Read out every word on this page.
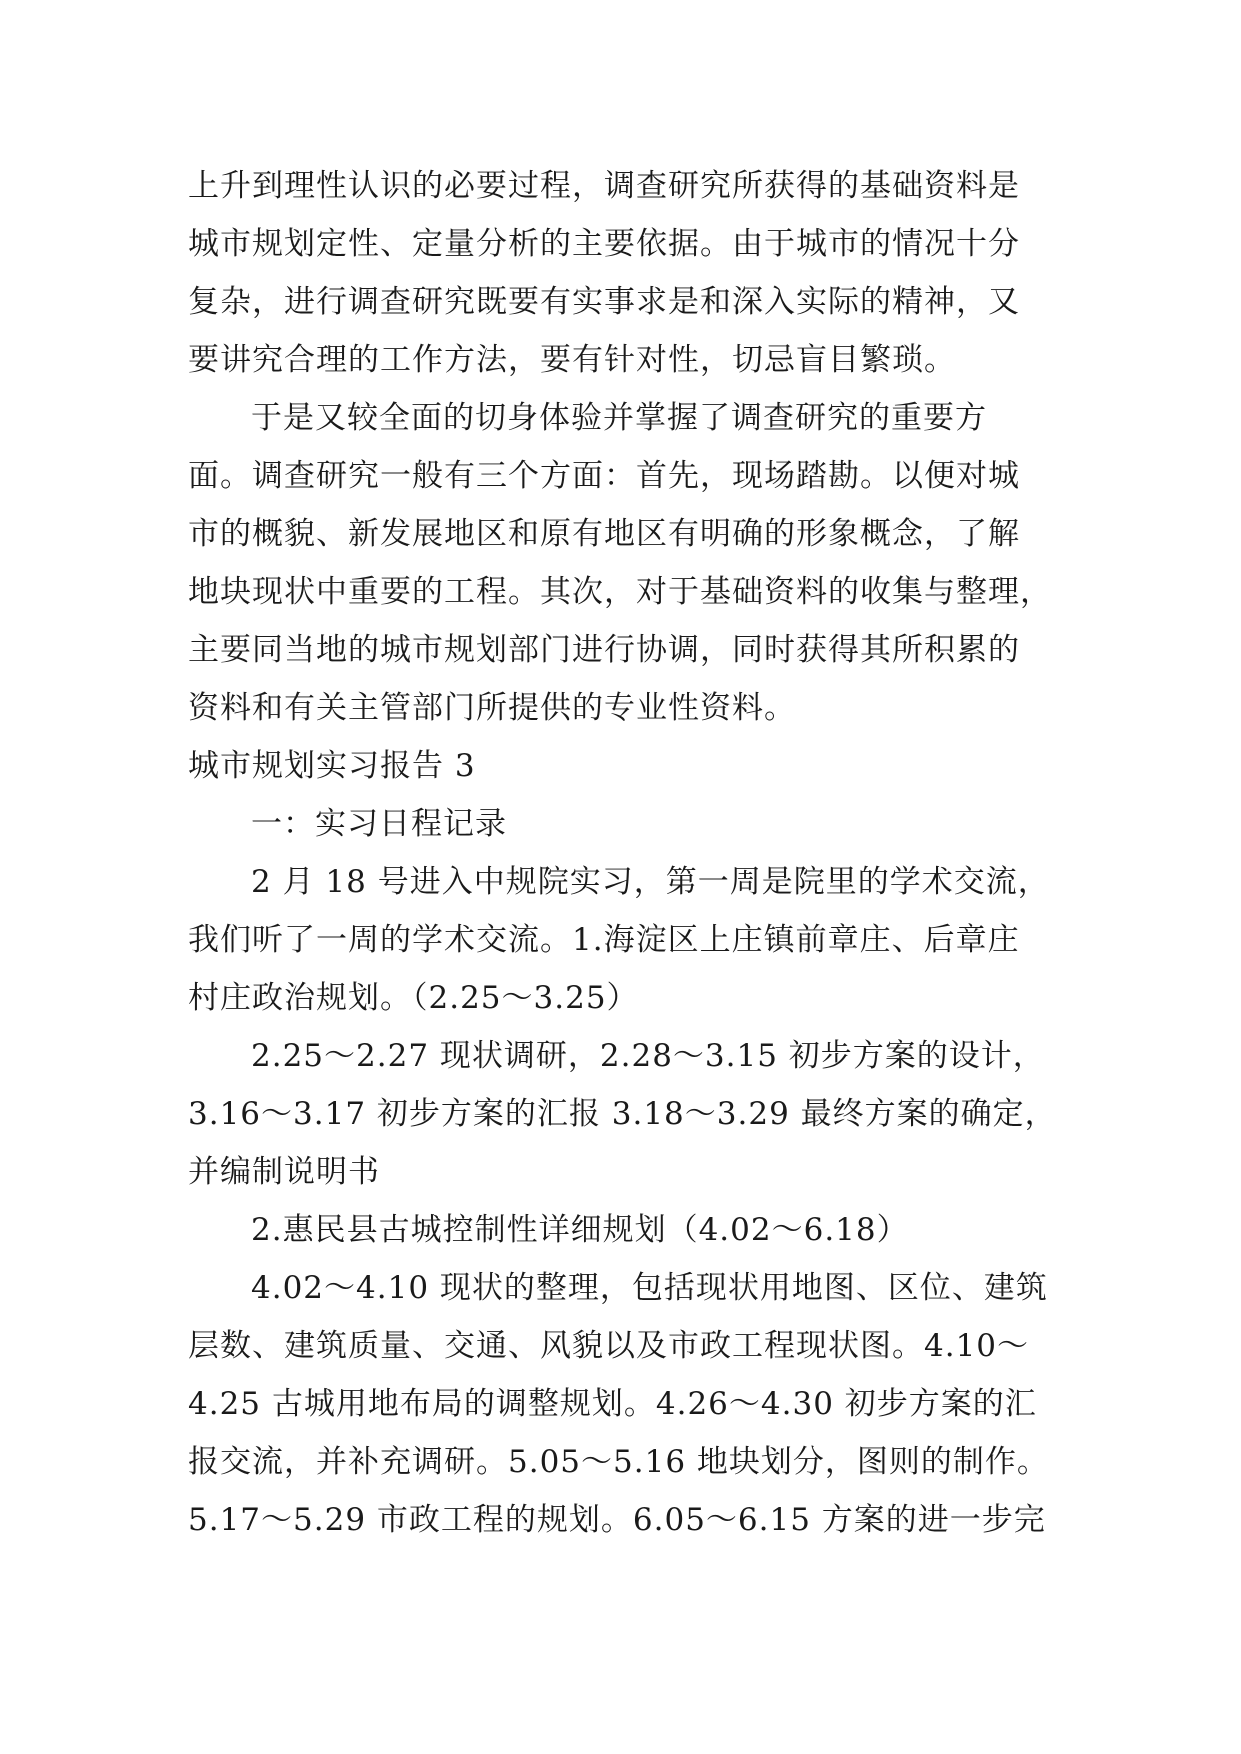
上升到理性认识的必要过程，调查研究所获得的基础资料是
城市规划定性、定量分析的主要依据。由于城市的情况十分
复杂，进行调查研究既要有实事求是和深入实际的精神，又
要讲究合理的工作方法，要有针对性，切忌盲目繁琐。
于是又较全面的切身体验并掌握了调查研究的重要方
面。调查研究一般有三个方面：首先，现场踏勘。以便对城
市的概貌、新发展地区和原有地区有明确的形象概念，了解
地块现状中重要的工程。其次，对于基础资料的收集与整理，
主要同当地的城市规划部门进行协调，同时获得其所积累的
资料和有关主管部门所提供的专业性资料。
城市规划实习报告 3
一：实习日程记录
2 月 18 号进入中规院实习，第一周是院里的学术交流，
我们听了一周的学术交流。1.海淀区上庄镇前章庄、后章庄
村庄政治规划。（2.25～3.25）
2.25～2.27 现状调研，2.28～3.15 初步方案的设计，
3.16～3.17 初步方案的汇报 3.18～3.29 最终方案的确定，
并编制说明书
2.惠民县古城控制性详细规划（4.02～6.18）
4.02～4.10 现状的整理，包括现状用地图、区位、建筑
层数、建筑质量、交通、风貌以及市政工程现状图。4.10～
4.25 古城用地布局的调整规划。4.26～4.30 初步方案的汇
报交流，并补充调研。5.05～5.16 地块划分，图则的制作。
5.17～5.29 市政工程的规划。6.05～6.15 方案的进一步完
